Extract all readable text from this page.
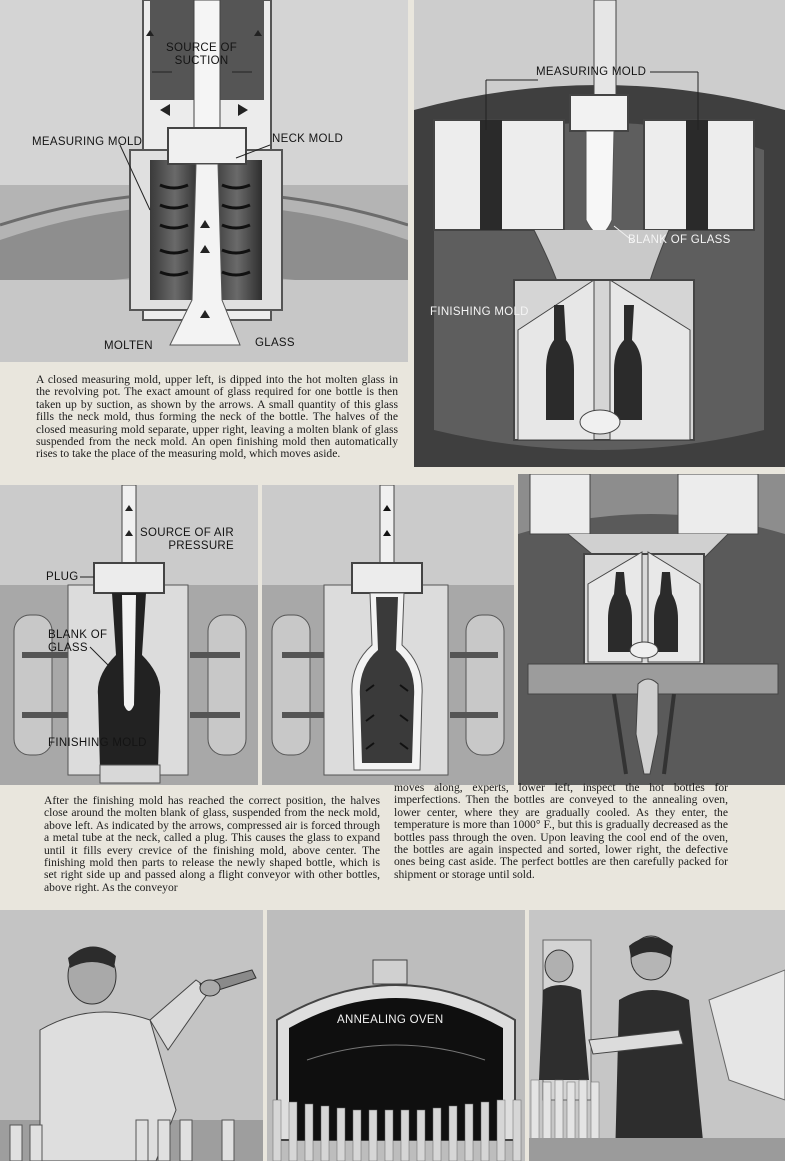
SOURCE OF
SUCTION
MEASURING MOLD	NECK MOLD
MOLTEN	GLASS
A closed measuring mold, upper left, is dipped into the hot molten glass in the revolving pot. The exact amount of glass required for one bottle is then taken up by suction, as shown by the arrows. A small quantity of this glass fills the neck mold, thus forming the neck of the bottle. The halves of the closed measuring mold separate, upper right, leaving a molten blank of glass suspended from the neck mold. An open finishing mold then automatically rises to take the place of the measuring mold, which moves aside.
MEASURING MOLD
BLANK OF GLASS
FINISHING MOLD
SOURCE OF AIR
PRESSURE
PLUG
BLANK OF
GLASS
FINISHING MOLD
After the finishing mold has reached the correct position, the halves close around the molten blank of glass, suspended from the neck mold, above left. As indicated by the arrows, compressed air is forced through a metal tube at the neck, called a plug. This causes the glass to expand until it fills every crevice of the finishing mold, above center. The finishing mold then parts to release the newly shaped bottle, which is set right side up and passed along a flight conveyor with other bottles, above right. As the conveyor
moves along, experts, lower left, inspect the hot bottles for imperfections. Then the bottles are conveyed to the annealing oven, lower center, where they are gradually cooled. As they enter, the temperature is more than 1000° F., but this is gradually decreased as the bottles pass through the oven. Upon leaving the cool end of the oven, the bottles are again inspected and sorted, lower right, the defective ones being cast aside. The perfect bottles are then carefully packed for shipment or storage until sold.
ANNEALING OVEN
